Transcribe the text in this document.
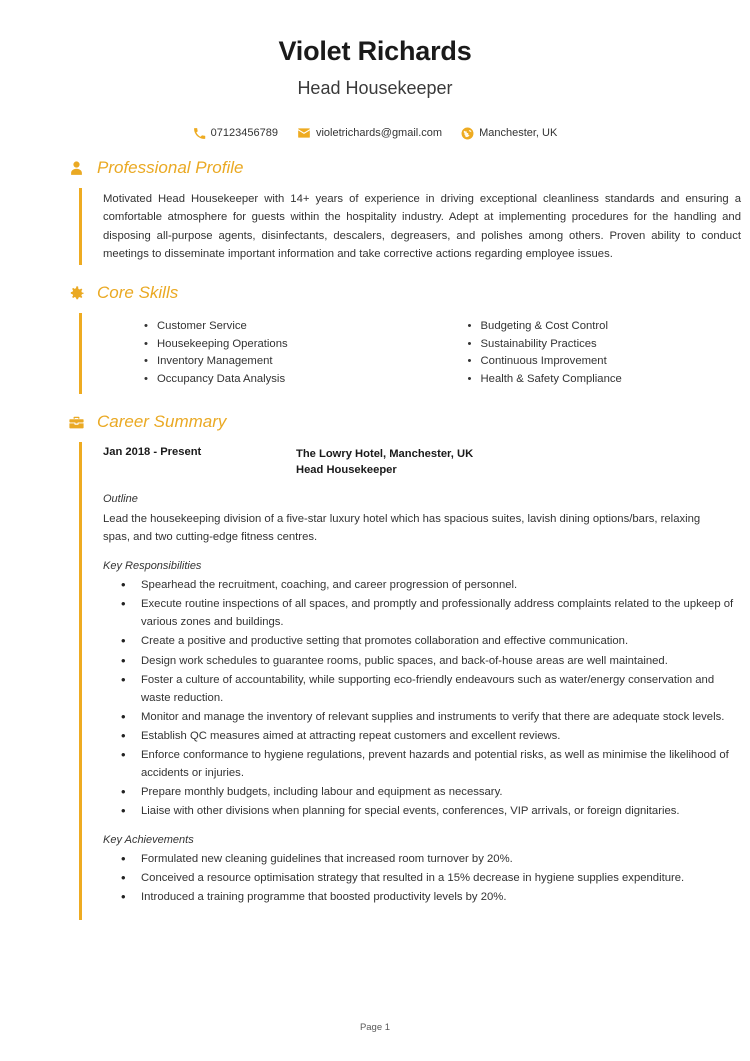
Violet Richards
Head Housekeeper
07123456789	violetrichards@gmail.com	Manchester, UK
Professional Profile
Motivated Head Housekeeper with 14+ years of experience in driving exceptional cleanliness standards and ensuring a comfortable atmosphere for guests within the hospitality industry. Adept at implementing procedures for the handling and disposing all-purpose agents, disinfectants, descalers, degreasers, and polishes among others. Proven ability to conduct meetings to disseminate important information and take corrective actions regarding employee issues.
Core Skills
• Customer Service
• Housekeeping Operations
• Inventory Management
• Occupancy Data Analysis
• Budgeting & Cost Control
• Sustainability Practices
• Continuous Improvement
• Health & Safety Compliance
Career Summary
Jan 2018 - Present	The Lowry Hotel, Manchester, UK
Head Housekeeper
Outline
Lead the housekeeping division of a five-star luxury hotel which has spacious suites, lavish dining options/bars, relaxing spas, and two cutting-edge fitness centres.
Key Responsibilities
• Spearhead the recruitment, coaching, and career progression of personnel.
• Execute routine inspections of all spaces, and promptly and professionally address complaints related to the upkeep of various zones and buildings.
• Create a positive and productive setting that promotes collaboration and effective communication.
• Design work schedules to guarantee rooms, public spaces, and back-of-house areas are well maintained.
• Foster a culture of accountability, while supporting eco-friendly endeavours such as water/energy conservation and waste reduction.
• Monitor and manage the inventory of relevant supplies and instruments to verify that there are adequate stock levels.
• Establish QC measures aimed at attracting repeat customers and excellent reviews.
• Enforce conformance to hygiene regulations, prevent hazards and potential risks, as well as minimise the likelihood of accidents or injuries.
• Prepare monthly budgets, including labour and equipment as necessary.
• Liaise with other divisions when planning for special events, conferences, VIP arrivals, or foreign dignitaries.
Key Achievements
• Formulated new cleaning guidelines that increased room turnover by 20%.
• Conceived a resource optimisation strategy that resulted in a 15% decrease in hygiene supplies expenditure.
• Introduced a training programme that boosted productivity levels by 20%.
Page 1
